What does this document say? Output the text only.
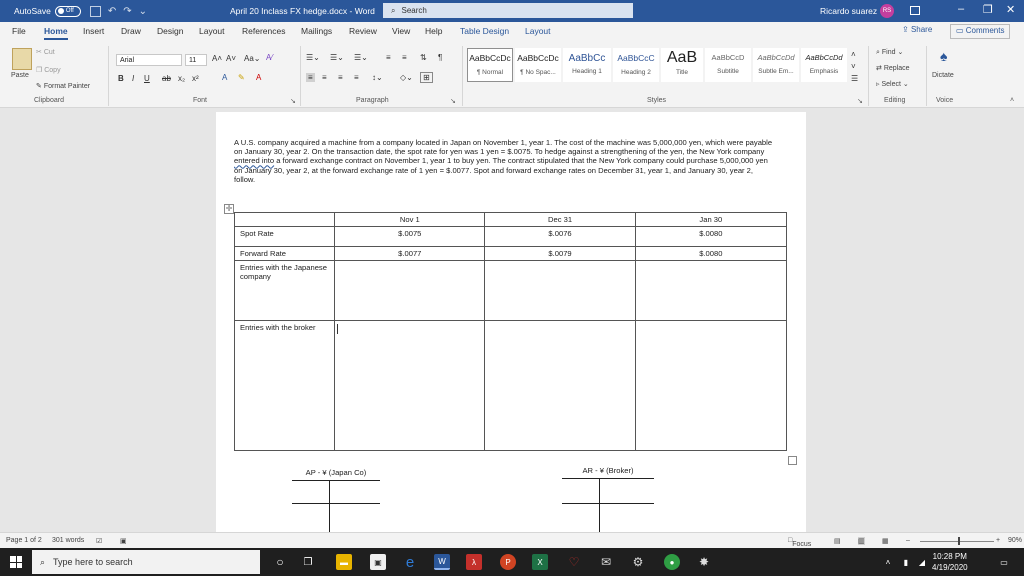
AutoSave	Off	↶ ↷ ⌄	April 20 Inclass FX hedge.docx - Word ⌕ Search	Ricardo suarez RS	– ❐ ✕
File Home Insert Draw Design Layout References Mailings Review View Help Table Design Layout	⇪ Share	▭ Comments
Paste
✂ Cut
❐ Copy
✎ Format Painter
Clipboard
Arial	11	A˄ A˅ Aa⌄ A⁄
B I U ab x₂ x²	A ✎ A
Font	↘
☰⌄ ☰⌄ ☰⌄ ≡ ≡ ⇅ ¶
≡ ≡ ≡ ≡ ↕⌄ ◇⌄	⊞
Paragraph	↘
AaBbCcDc
¶ Normal
AaBbCcDc
¶ No Spac...
AaBbCc
Heading 1
AaBbCcC
Heading 2
AaB
Title
AaBbCcD
Subtitle
AaBbCcDd
Subtle Em...
AaBbCcDd
Emphasis
˄
˅
☰
Styles	↘
⌕ Find ⌄
⇄ Replace
▹ Select ⌄
Editing
♠
Dictate
Voice	˄
A U.S. company acquired a machine from a company located in Japan on November 1, year 1. The cost of the machine was 5,000,000 yen, which were payable on January 30, year 2. On the transaction date, the spot rate for yen was 1 yen = $.0075. To hedge against a strengthening of the yen, the New York company entered into a forward exchange contract on November 1, year 1 to buy yen. The contract stipulated that the New York company could purchase 5,000,000 yen on January 30, year 2, at the forward exchange rate of 1 yen = $.0077. Spot and forward exchange rates on December 31, year 1, and January 30, year 2, follow.
✛
	Nov 1	Dec 31	Jan 30
Spot Rate	$.0075	$.0076	$.0080
Forward Rate	$.0077	$.0079	$.0080
Entries with the Japanese company			
Entries with the broker			
AP - ¥ (Japan Co)	AR - ¥ (Broker)
Page 1 of 2 301 words ☑	▣	□
Focus	▤ ▥ ▦ –	+ 90%
⌕ Type here to search	○	❐	▬	▣ e	W	λ	P	X	♡ ✉ ⚙	●	✸	˄	▮	◢
10:28 PM
4/19/2020
▭
